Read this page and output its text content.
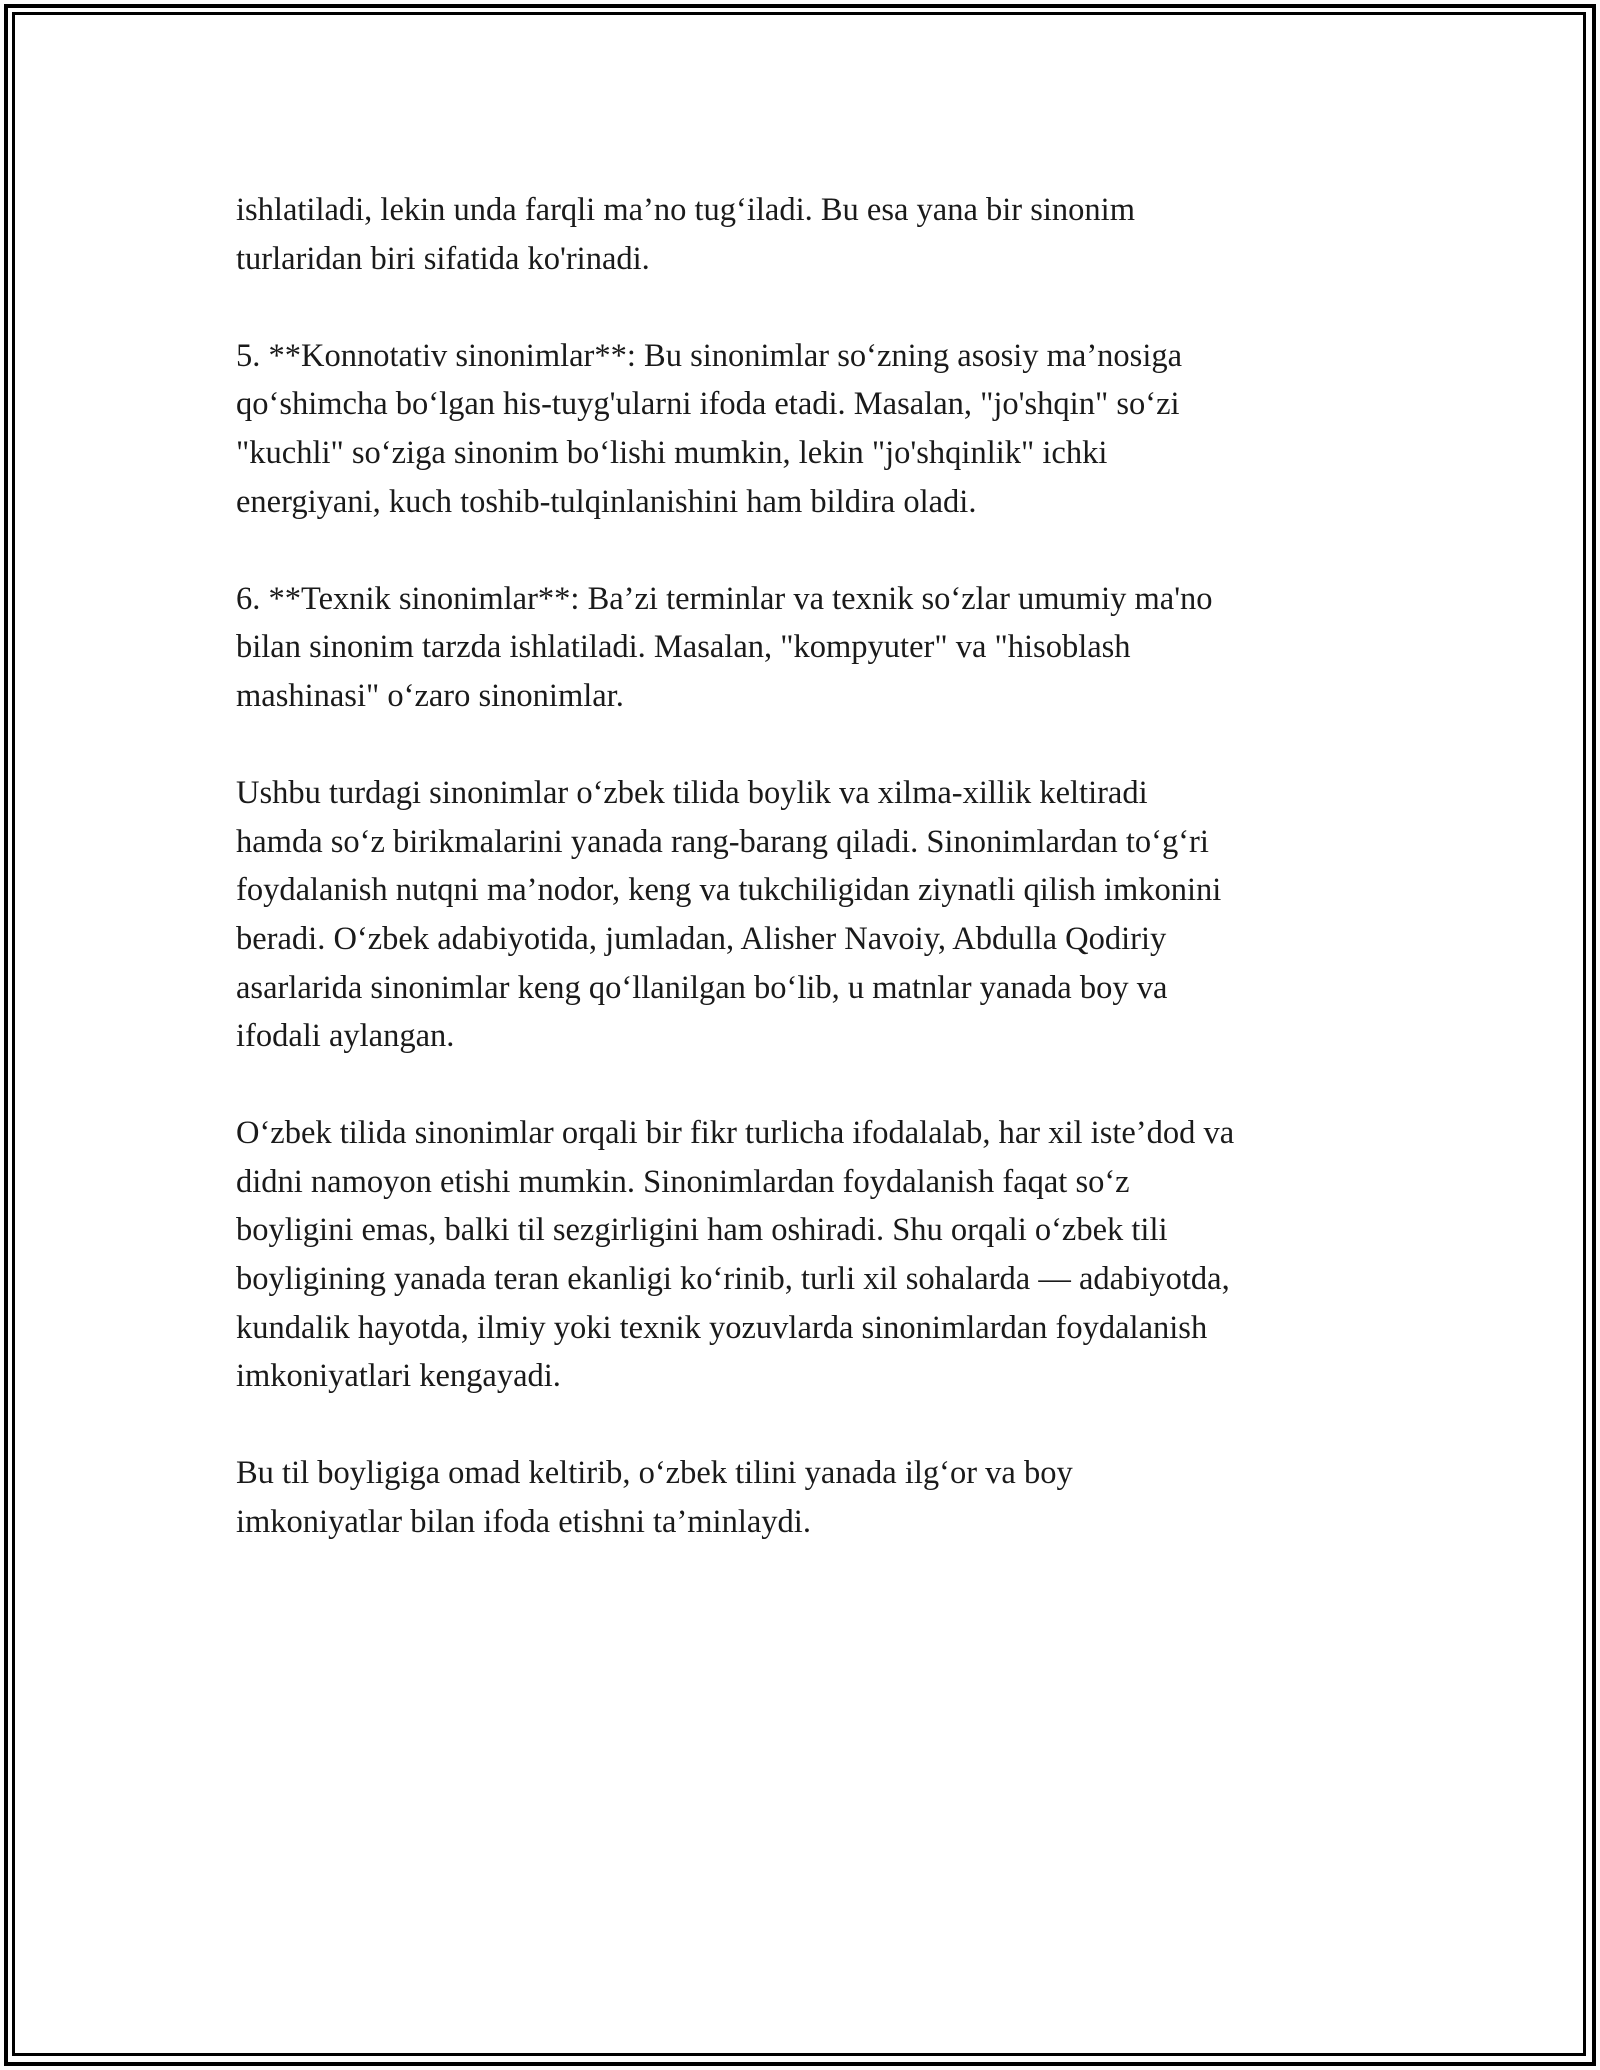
ishlatiladi, lekin unda farqli ma’no tug‘iladi. Bu esa yana bir sinonim
turlaridan biri sifatida ko'rinadi.

5. **Konnotativ sinonimlar**: Bu sinonimlar so‘zning asosiy ma’nosiga
qo‘shimcha bo‘lgan his-tuyg'ularni ifoda etadi. Masalan, "jo'shqin" so‘zi
"kuchli" so‘ziga sinonim bo‘lishi mumkin, lekin "jo'shqinlik" ichki
energiyani, kuch toshib-tulqinlanishini ham bildira oladi.

6. **Texnik sinonimlar**: Ba’zi terminlar va texnik so‘zlar umumiy ma'no
bilan sinonim tarzda ishlatiladi. Masalan, "kompyuter" va "hisoblash
mashinasi" o‘zaro sinonimlar.

Ushbu turdagi sinonimlar o‘zbek tilida boylik va xilma-xillik keltiradi
hamda so‘z birikmalarini yanada rang-barang qiladi. Sinonimlardan to‘g‘ri
foydalanish nutqni ma’nodor, keng va tukchiligidan ziynatli qilish imkonini
beradi. O‘zbek adabiyotida, jumladan, Alisher Navoiy, Abdulla Qodiriy
asarlarida sinonimlar keng qo‘llanilgan bo‘lib, u matnlar yanada boy va
ifodali aylangan.

O‘zbek tilida sinonimlar orqali bir fikr turlicha ifodalalab, har xil iste’dod va
didni namoyon etishi mumkin. Sinonimlardan foydalanish faqat so‘z
boyligini emas, balki til sezgirligini ham oshiradi. Shu orqali o‘zbek tili
boyligining yanada teran ekanligi ko‘rinib, turli xil sohalarda — adabiyotda,
kundalik hayotda, ilmiy yoki texnik yozuvlarda sinonimlardan foydalanish
imkoniyatlari kengayadi.

Bu til boyligiga omad keltirib, o‘zbek tilini yanada ilg‘or va boy
imkoniyatlar bilan ifoda etishni ta’minlaydi.
